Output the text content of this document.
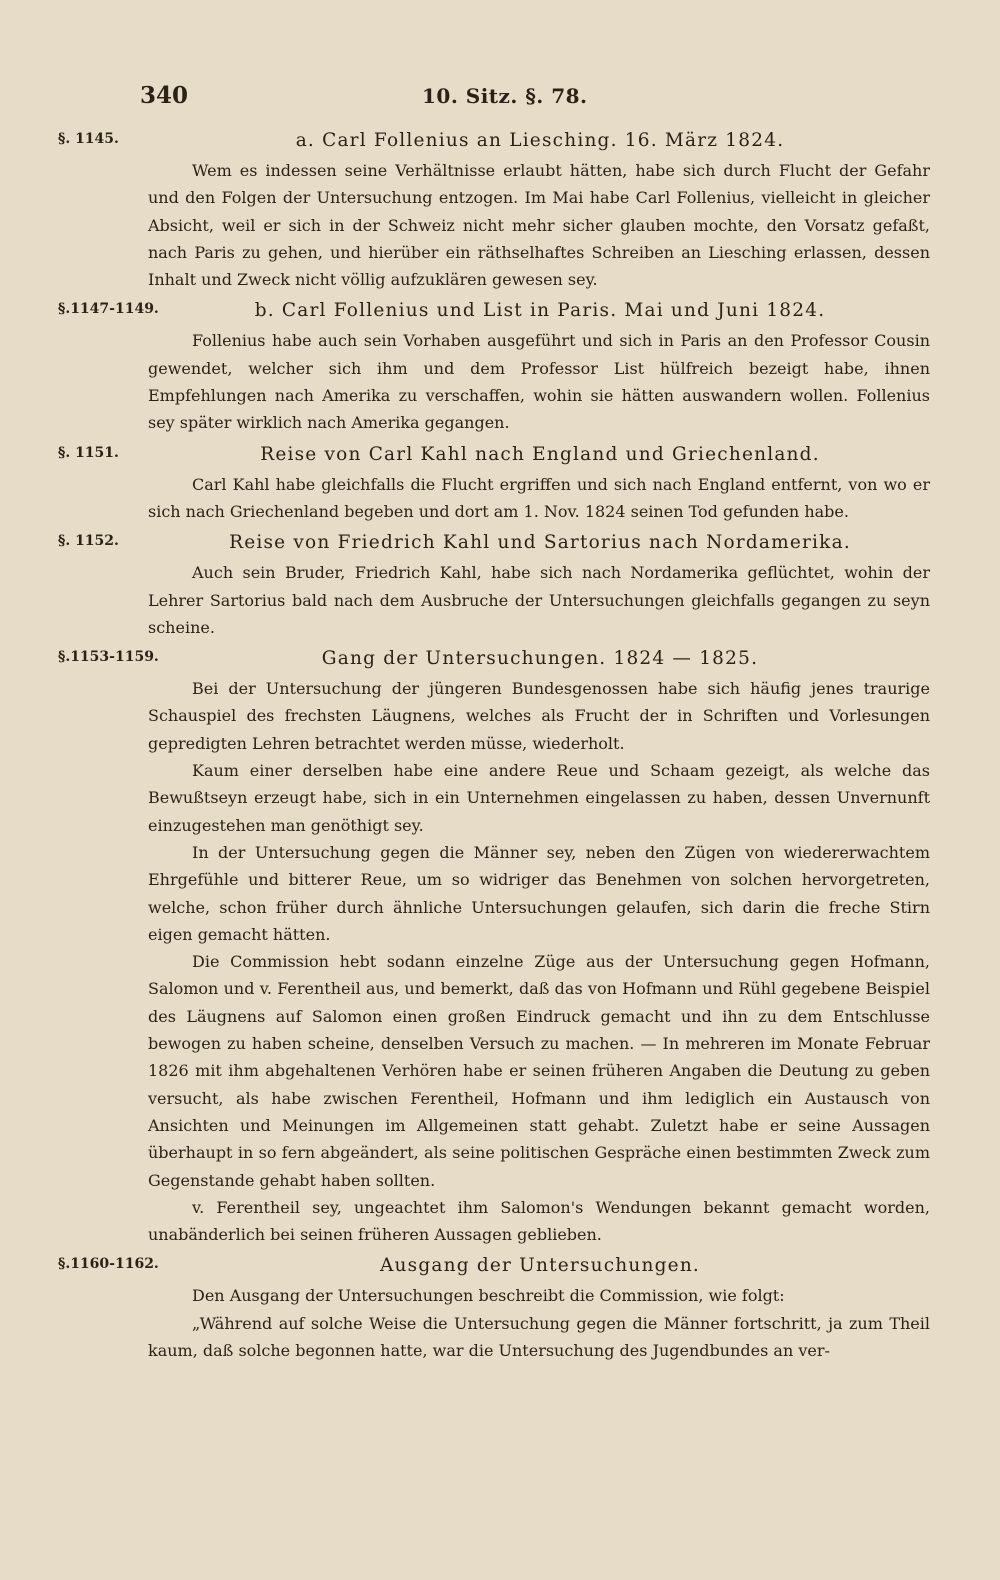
340	10. Sitz. §. 78.
§. 1145.	a. Carl Follenius an Liesching. 16. März 1824.

Wem es indessen seine Verhältnisse erlaubt hätten, habe sich durch Flucht der Gefahr und den Folgen der Untersuchung entzogen. Im Mai habe Carl Follenius, vielleicht in gleicher Absicht, weil er sich in der Schweiz nicht mehr sicher glauben mochte, den Vorsatz gefaßt, nach Paris zu gehen, und hierüber ein räthselhaftes Schreiben an Liesching erlassen, dessen Inhalt und Zweck nicht völlig aufzuklären gewesen sey.

§.1147-1149.	b. Carl Follenius und List in Paris. Mai und Juni 1824.

Follenius habe auch sein Vorhaben ausgeführt und sich in Paris an den Professor Cousin gewendet, welcher sich ihm und dem Professor List hülfreich bezeigt habe, ihnen Empfehlungen nach Amerika zu verschaffen, wohin sie hätten auswandern wollen. Follenius sey später wirklich nach Amerika gegangen.

§. 1151.	Reise von Carl Kahl nach England und Griechenland.

Carl Kahl habe gleichfalls die Flucht ergriffen und sich nach England entfernt, von wo er sich nach Griechenland begeben und dort am 1. Nov. 1824 seinen Tod gefunden habe.

§. 1152.	Reise von Friedrich Kahl und Sartorius nach Nordamerika.

Auch sein Bruder, Friedrich Kahl, habe sich nach Nordamerika geflüchtet, wohin der Lehrer Sartorius bald nach dem Ausbruche der Untersuchungen gleichfalls gegangen zu seyn scheine.

§.1153-1159.	Gang der Untersuchungen. 1824 — 1825.

Bei der Untersuchung der jüngeren Bundesgenossen habe sich häufig jenes traurige Schauspiel des frechsten Läugnens, welches als Frucht der in Schriften und Vorlesungen gepredigten Lehren betrachtet werden müsse, wiederholt.

Kaum einer derselben habe eine andere Reue und Schaam gezeigt, als welche das Bewußtseyn erzeugt habe, sich in ein Unternehmen eingelassen zu haben, dessen Unvernunft einzugestehen man genöthigt sey.

In der Untersuchung gegen die Männer sey, neben den Zügen von wiedererwachtem Ehrgefühle und bitterer Reue, um so widriger das Benehmen von solchen hervorgetreten, welche, schon früher durch ähnliche Untersuchungen gelaufen, sich darin die freche Stirn eigen gemacht hätten.

Die Commission hebt sodann einzelne Züge aus der Untersuchung gegen Hofmann, Salomon und v. Ferentheil aus, und bemerkt, daß das von Hofmann und Rühl gegebene Beispiel des Läugnens auf Salomon einen großen Eindruck gemacht und ihn zu dem Entschlusse bewogen zu haben scheine, denselben Versuch zu machen. — In mehreren im Monate Februar 1826 mit ihm abgehaltenen Verhören habe er seinen früheren Angaben die Deutung zu geben versucht, als habe zwischen Ferentheil, Hofmann und ihm lediglich ein Austausch von Ansichten und Meinungen im Allgemeinen statt gehabt. Zuletzt habe er seine Aussagen überhaupt in so fern abgeändert, als seine politischen Gespräche einen bestimmten Zweck zum Gegenstande gehabt haben sollten.

v. Ferentheil sey, ungeachtet ihm Salomon's Wendungen bekannt gemacht worden, unabänderlich bei seinen früheren Aussagen geblieben.

§.1160-1162.	Ausgang der Untersuchungen.

Den Ausgang der Untersuchungen beschreibt die Commission, wie folgt:

„Während auf solche Weise die Untersuchung gegen die Männer fortschritt, ja zum Theil kaum, daß solche begonnen hatte, war die Untersuchung des Jugendbundes an ver-
